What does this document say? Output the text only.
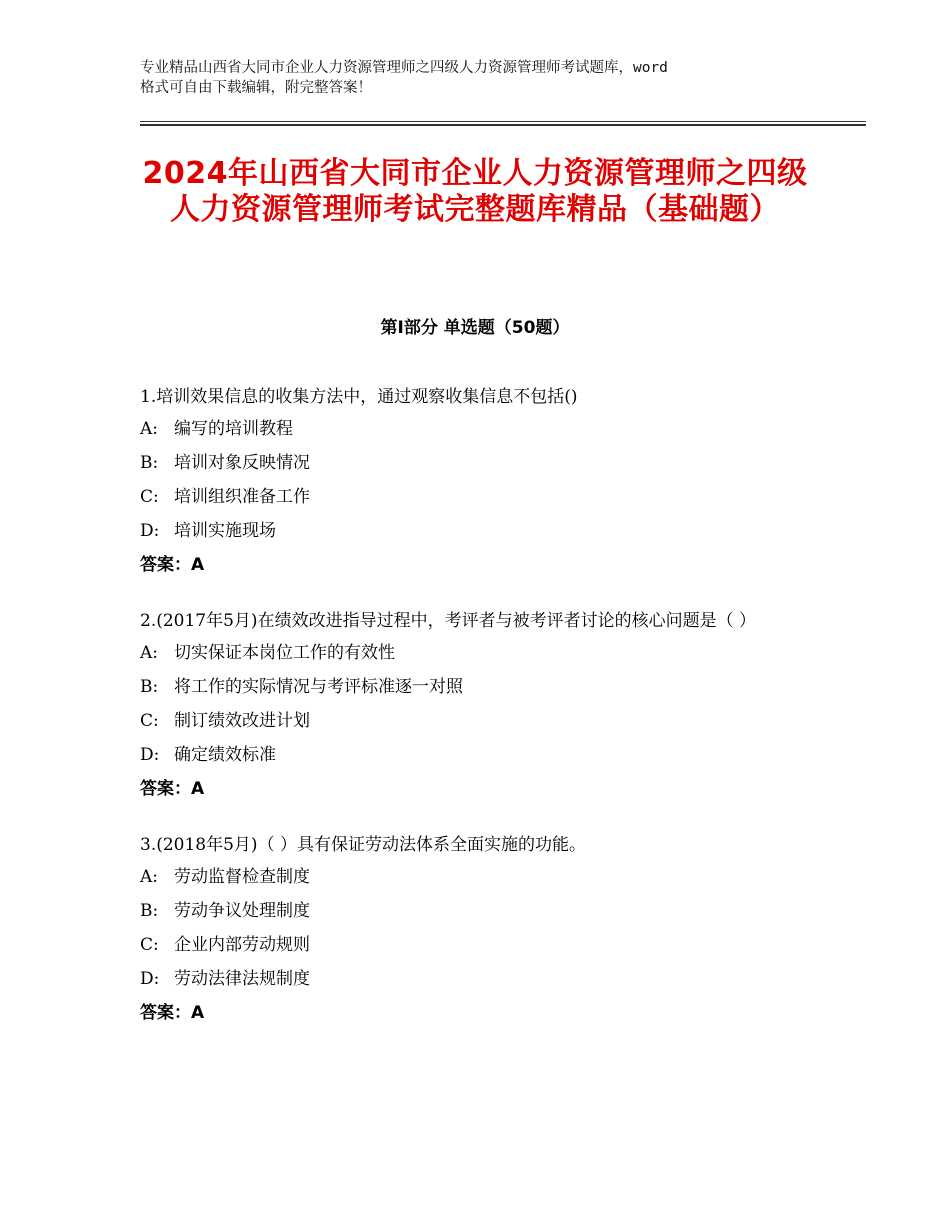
专业精品山西省大同市企业人力资源管理师之四级人力资源管理师考试题库，word
格式可自由下载编辑，附完整答案！
2024年山西省大同市企业人力资源管理师之四级人力资源管理师考试完整题库精品（基础题）
第Ⅰ部分 单选题（50题）

1.培训效果信息的收集方法中，通过观察收集信息不包括()

A: 编写的培训教程

B: 培训对象反映情况

C: 培训组织准备工作

D: 培训实施现场

答案：A

2.(2017年5月)在绩效改进指导过程中，考评者与被考评者讨论的核心问题是（ ）

A: 切实保证本岗位工作的有效性

B: 将工作的实际情况与考评标准逐一对照

C: 制订绩效改进计划

D: 确定绩效标准

答案：A

3.(2018年5月)（ ）具有保证劳动法体系全面实施的功能。

A: 劳动监督检查制度

B: 劳动争议处理制度

C: 企业内部劳动规则

D: 劳动法律法规制度

答案：A
